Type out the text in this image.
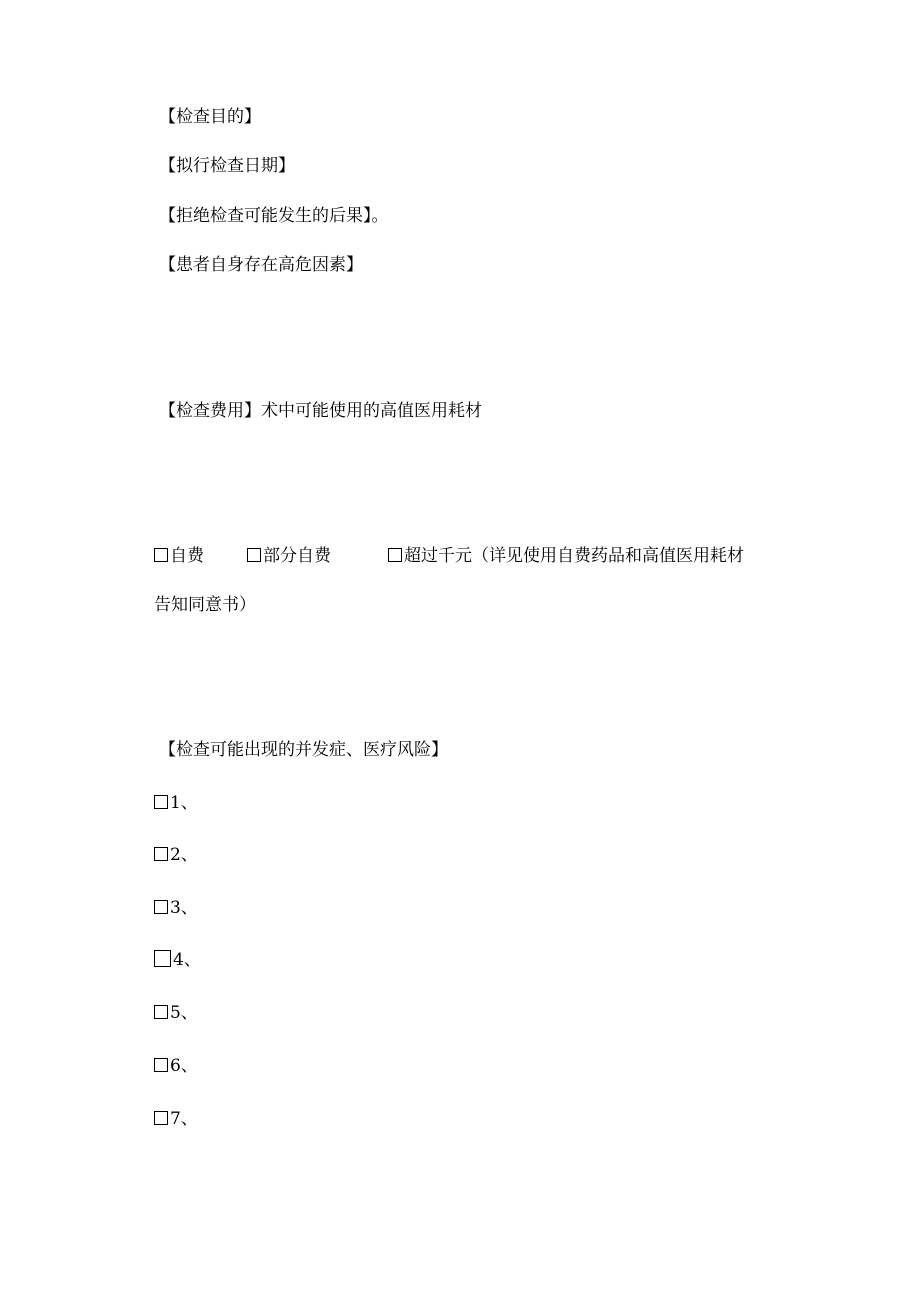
【检查目的】

【拟行检查日期】

【拒绝检查可能发生的后果】。

【患者自身存在高危因素】

【检查费用】术中可能使用的高值医用耗材

自费	部分自费	超过千元（详见使用自费药品和高值医用耗材

告知同意书）

【检查可能出现的并发症、医疗风险】

1、
2、
3、
4、
5、
6、
7、
